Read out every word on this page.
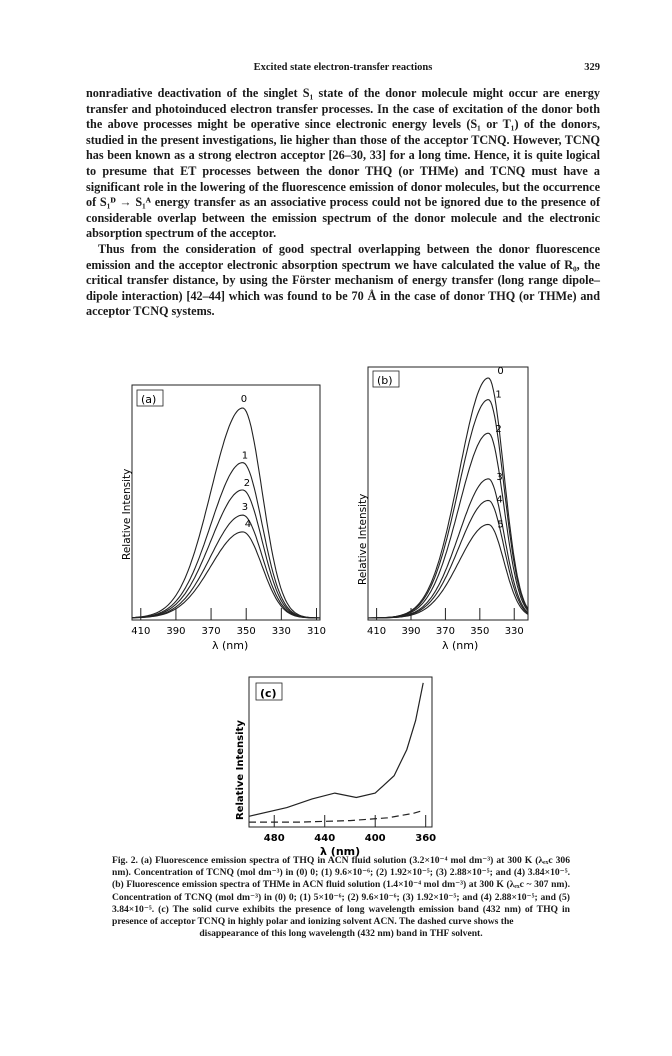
Excited state electron-transfer reactions	329

nonradiative deactivation of the singlet S₁ state of the donor molecule might occur are energy transfer and photoinduced electron transfer processes. In the case of excitation of the donor both the above processes might be operative since electronic energy levels (S₁ or T₁) of the donors, studied in the present investigations, lie higher than those of the acceptor TCNQ. However, TCNQ has been known as a strong electron acceptor [26–30, 33] for a long time. Hence, it is quite logical to presume that ET processes between the donor THQ (or THMe) and TCNQ must have a significant role in the lowering of the fluorescence emission of donor molecules, but the occurrence of S₁ᴰ → S₁ᴬ energy transfer as an associative process could not be ignored due to the presence of considerable overlap between the emission spectrum of the donor molecule and the electronic absorption spectrum of the acceptor.

Thus from the consideration of good spectral overlapping between the donor fluorescence emission and the acceptor electronic absorption spectrum we have calculated the value of R₀, the critical transfer distance, by using the Förster mechanism of energy transfer (long range dipole–dipole interaction) [42–44] which was found to be 70 Å in the case of donor THQ (or THMe) and acceptor TCNQ systems.

(a)	0
1
2
3
4
410 390 370 350 330 310
Relative Intensity
λ (nm)
(b)
0
1
2
3
4
5
410 390 370 350 330
Relative Intensity
λ (nm)
(c)
480	440	400	360
Relative Intensity
λ (nm)
Fig. 2. (a) Fluorescence emission spectra of THQ in ACN fluid solution (3.2×10⁻⁴ mol dm⁻³) at 300 K (λₑₓc 306 nm). Concentration of TCNQ (mol dm⁻³) in (0) 0; (1) 9.6×10⁻⁶; (2) 1.92×10⁻⁵; (3) 2.88×10⁻⁵; and (4) 3.84×10⁻⁵. (b) Fluorescence emission spectra of THMe in ACN fluid solution (1.4×10⁻⁴ mol dm⁻³) at 300 K (λₑₓc ~ 307 nm). Concentration of TCNQ (mol dm⁻³) in (0) 0; (1) 5×10⁻⁶; (2) 9.6×10⁻⁶; (3) 1.92×10⁻⁵; and (4) 2.88×10⁻⁵; and (5) 3.84×10⁻⁵. (c) The solid curve exhibits the presence of long wavelength emission band (432 nm) of THQ in presence of acceptor TCNQ in highly polar and ionizing solvent ACN. The dashed curve shows the
disappearance of this long wavelength (432 nm) band in THF solvent.
